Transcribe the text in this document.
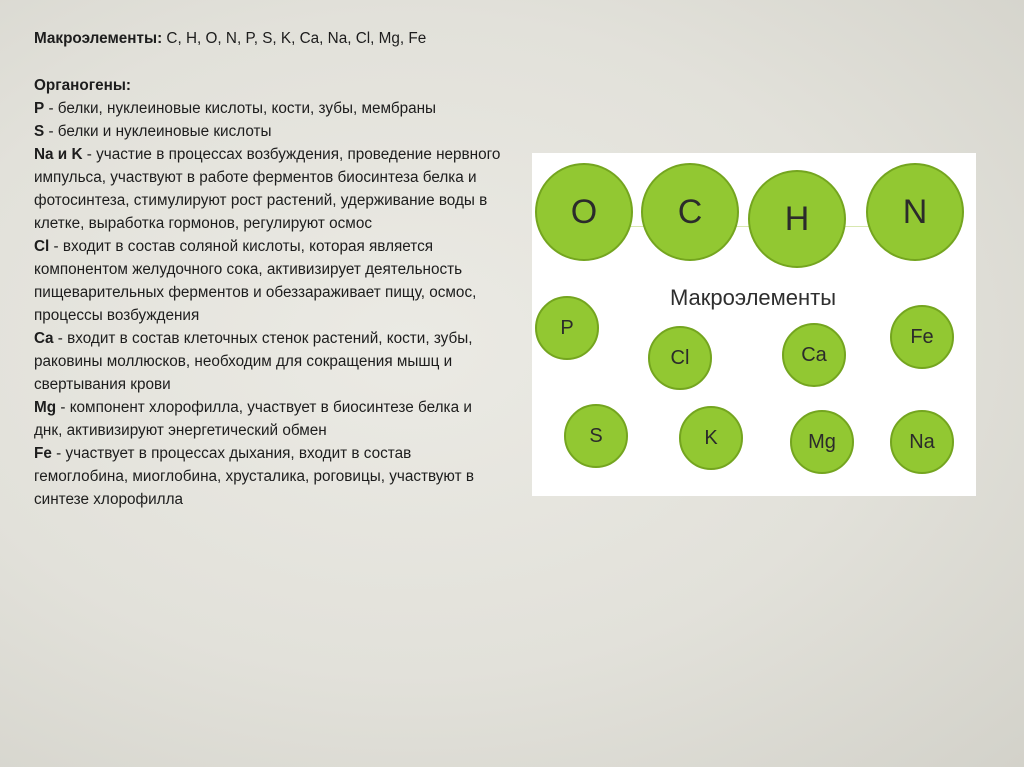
Макроэлементы: C, H, O, N, P, S, K, Ca, Na, Cl, Mg, Fe

Органогены:

P - белки, нуклеиновые кислоты, кости, зубы, мембраны

S - белки и нуклеиновые кислоты

Na и K - участие в процессах возбуждения, проведение нервного импульса, участвуют в работе ферментов биосинтеза белка и фотосинтеза, стимулируют рост растений, удерживание воды в клетке, выработка гормонов, регулируют осмос

Cl - входит в состав соляной кислоты, которая является компонентом желудочного сока, активизирует деятельность пищеварительных ферментов и обеззараживает пищу, осмос, процессы возбуждения

Ca - входит в состав клеточных стенок растений, кости, зубы, раковины моллюсков, необходим для сокращения мышц и свертывания крови

Mg - компонент хлорофилла, участвует в биосинтезе белка и днк, активизируют энергетический обмен

Fe - участвует в процессах дыхания, входит в состав гемоглобина, миоглобина, хрусталика, роговицы, участвуют в синтезе хлорофилла

O	C	H	N
Макроэлементы
P
Cl	Ca
Fe
S	K	Mg	Na
